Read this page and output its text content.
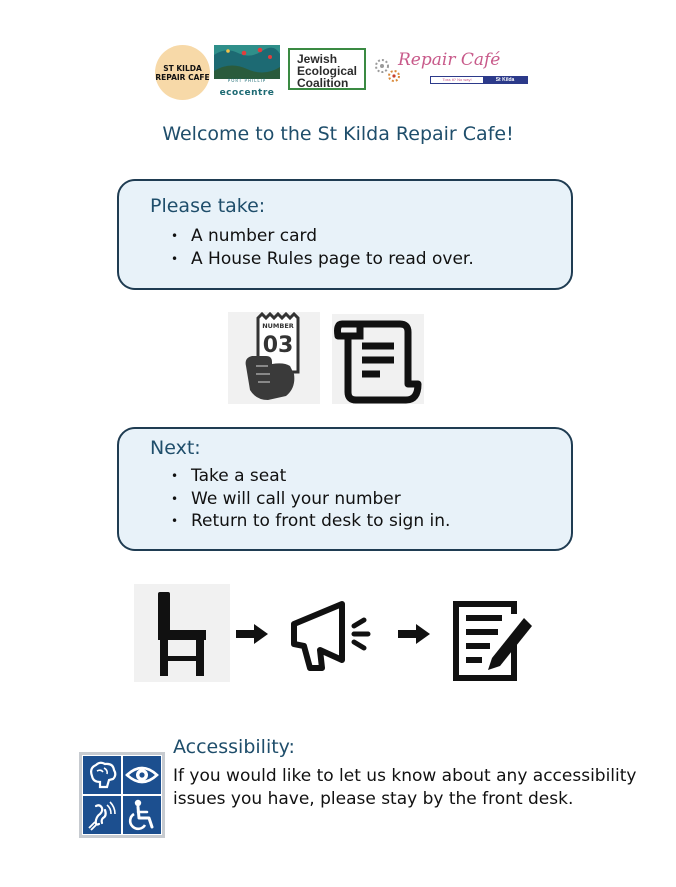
ST KILDA
REPAIR CAFE	PORT PHILLIP
ecocentre
Jewish
Ecological
Coalition
Repair Café
Toss it? No way!	St Kilda
Welcome to the St Kilda Repair Cafe!
Please take:
• A number card
• A House Rules page to read over.
NUMBER
03
Next:
• Take a seat
• We will call your number
• Return to front desk to sign in.
Accessibility:
If you would like to let us know about any accessibility issues you have, please stay by the front desk.
